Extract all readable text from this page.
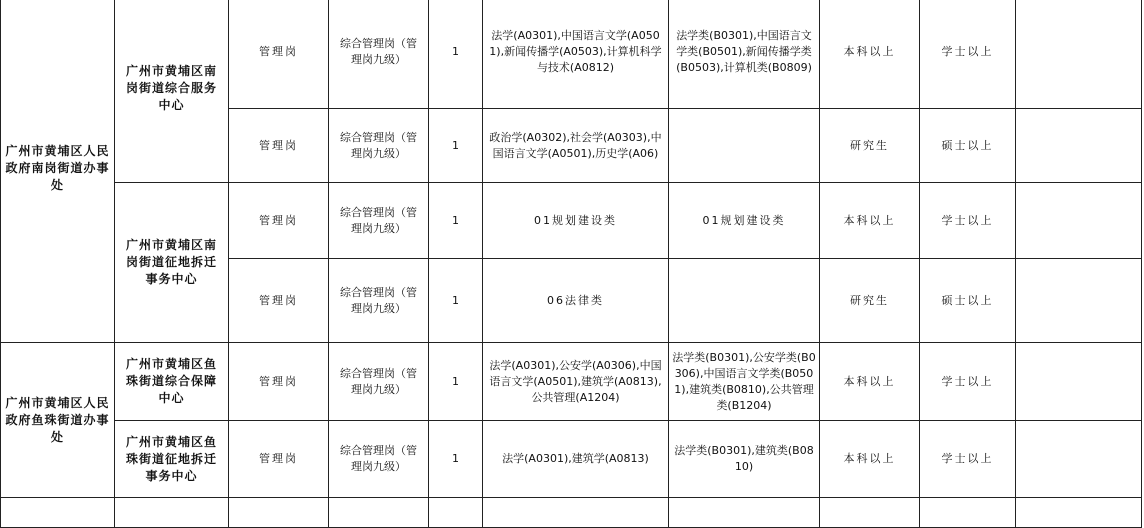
广州市黄埔区人民政府南岗街道办事处	广州市黄埔区南岗街道综合服务中心	管理岗	综合管理岗（管理岗九级）	1	法学(A0301),中国语言文学(A0501),新闻传播学(A0503),计算机科学与技术(A0812)	法学类(B0301),中国语言文学类(B0501),新闻传播学类(B0503),计算机类(B0809)	本科以上	学士以上	
		管理岗	综合管理岗（管理岗九级）	1	政治学(A0302),社会学(A0303),中国语言文学(A0501),历史学(A06)		研究生	硕士以上	
	广州市黄埔区南岗街道征地拆迁事务中心	管理岗	综合管理岗（管理岗九级）	1	01规划建设类	01规划建设类	本科以上	学士以上	
		管理岗	综合管理岗（管理岗九级）	1	06法律类		研究生	硕士以上	
广州市黄埔区人民政府鱼珠街道办事处	广州市黄埔区鱼珠街道综合保障中心	管理岗	综合管理岗（管理岗九级）	1	法学(A0301),公安学(A0306),中国语言文学(A0501),建筑学(A0813),公共管理(A1204)	法学类(B0301),公安学类(B0306),中国语言文学类(B0501),建筑类(B0810),公共管理类(B1204)	本科以上	学士以上	
	广州市黄埔区鱼珠街道征地拆迁事务中心	管理岗	综合管理岗（管理岗九级）	1	法学(A0301),建筑学(A0813)	法学类(B0301),建筑类(B0810)	本科以上	学士以上	
